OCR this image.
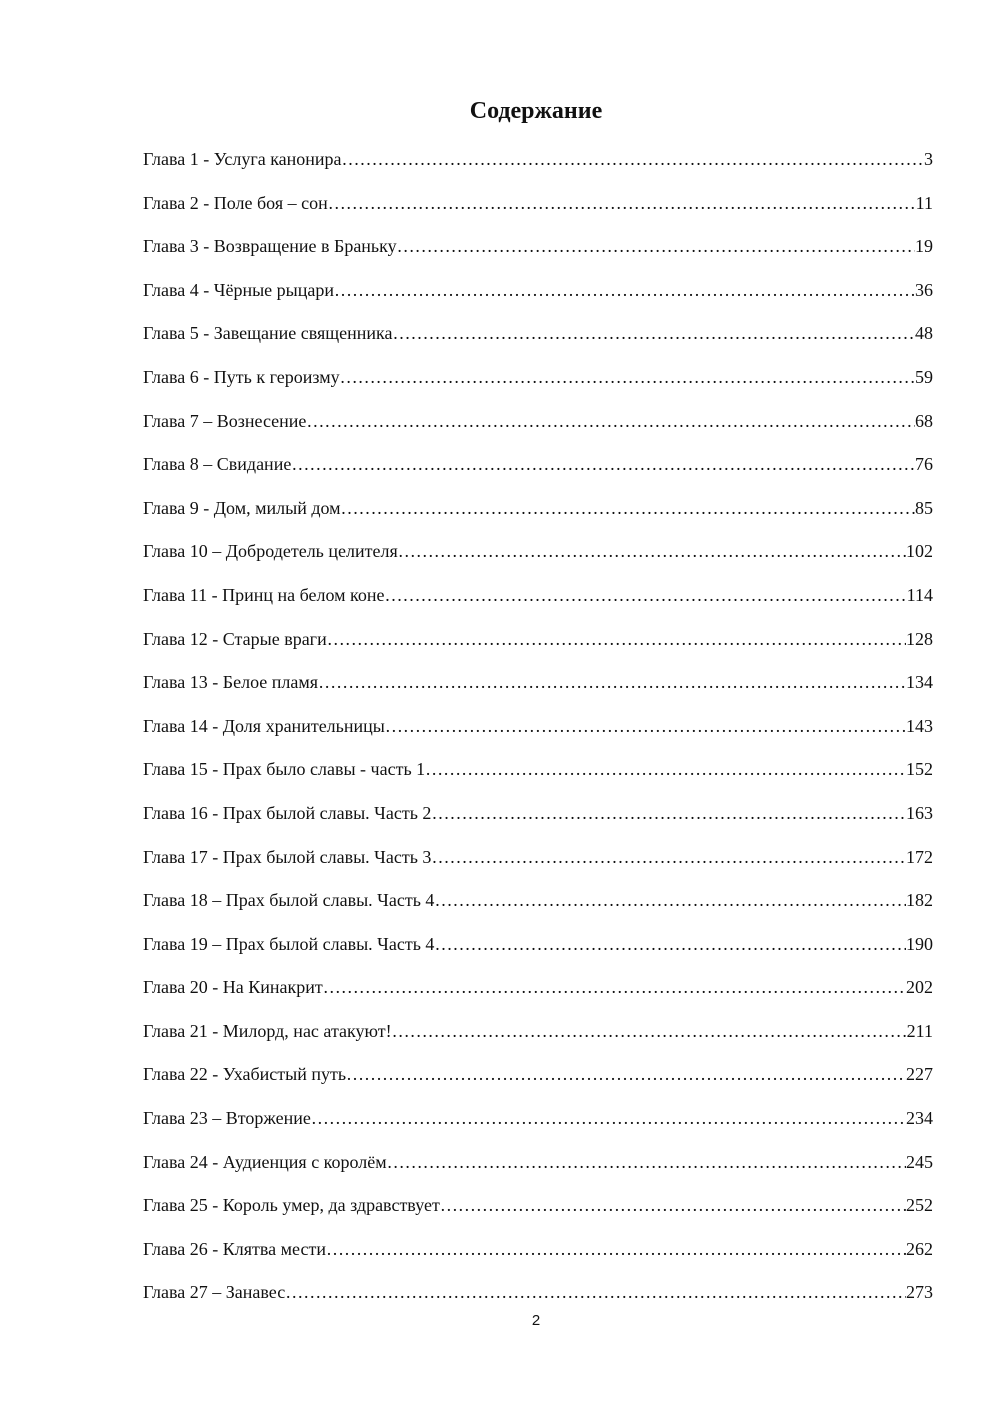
Содержание
Глава 1 - Услуга канонира ………………………………………………………………………………………………………………………………………………………………………………………………………………………………………………	3
Глава 2 - Поле боя – сон ………………………………………………………………………………………………………………………………………………………………………………………………………………………………………………	11
Глава 3 - Возвращение в Браньку ………………………………………………………………………………………………………………………………………………………………………………………………………………………………………………	19
Глава 4 - Чёрные рыцари ………………………………………………………………………………………………………………………………………………………………………………………………………………………………………………	36
Глава 5 - Завещание священника ………………………………………………………………………………………………………………………………………………………………………………………………………………………………………………	48
Глава 6 - Путь к героизму ………………………………………………………………………………………………………………………………………………………………………………………………………………………………………………	59
Глава 7 – Вознесение ………………………………………………………………………………………………………………………………………………………………………………………………………………………………………………	68
Глава 8 – Свидание ………………………………………………………………………………………………………………………………………………………………………………………………………………………………………………	76
Глава 9 - Дом, милый дом ………………………………………………………………………………………………………………………………………………………………………………………………………………………………………………	85
Глава 10 – Добродетель целителя ………………………………………………………………………………………………………………………………………………………………………………………………………………………………………………	102
Глава 11 - Принц на белом коне ………………………………………………………………………………………………………………………………………………………………………………………………………………………………………………	114
Глава 12 - Старые враги ………………………………………………………………………………………………………………………………………………………………………………………………………………………………………………	128
Глава 13 - Белое пламя ………………………………………………………………………………………………………………………………………………………………………………………………………………………………………………	134
Глава 14 - Доля хранительницы ………………………………………………………………………………………………………………………………………………………………………………………………………………………………………………	143
Глава 15 - Прах было славы - часть 1 ………………………………………………………………………………………………………………………………………………………………………………………………………………………………………………	152
Глава 16 - Прах былой славы. Часть 2 ………………………………………………………………………………………………………………………………………………………………………………………………………………………………………………	163
Глава 17 - Прах былой славы. Часть 3 ………………………………………………………………………………………………………………………………………………………………………………………………………………………………………………	172
Глава 18 – Прах былой славы. Часть 4 ………………………………………………………………………………………………………………………………………………………………………………………………………………………………………………	182
Глава 19 – Прах былой славы. Часть 4 ………………………………………………………………………………………………………………………………………………………………………………………………………………………………………………	190
Глава 20 - На Кинакрит ………………………………………………………………………………………………………………………………………………………………………………………………………………………………………………	202
Глава 21 - Милорд, нас атакуют! ………………………………………………………………………………………………………………………………………………………………………………………………………………………………………………	211
Глава 22 - Ухабистый путь ………………………………………………………………………………………………………………………………………………………………………………………………………………………………………………	227
Глава 23 – Вторжение ………………………………………………………………………………………………………………………………………………………………………………………………………………………………………………	234
Глава 24 - Аудиенция с королём ………………………………………………………………………………………………………………………………………………………………………………………………………………………………………………	245
Глава 25 - Король умер, да здравствует ………………………………………………………………………………………………………………………………………………………………………………………………………………………………………………	252
Глава 26 - Клятва мести ………………………………………………………………………………………………………………………………………………………………………………………………………………………………………………	262
Глава 27 – Занавес ………………………………………………………………………………………………………………………………………………………………………………………………………………………………………………	273
2
